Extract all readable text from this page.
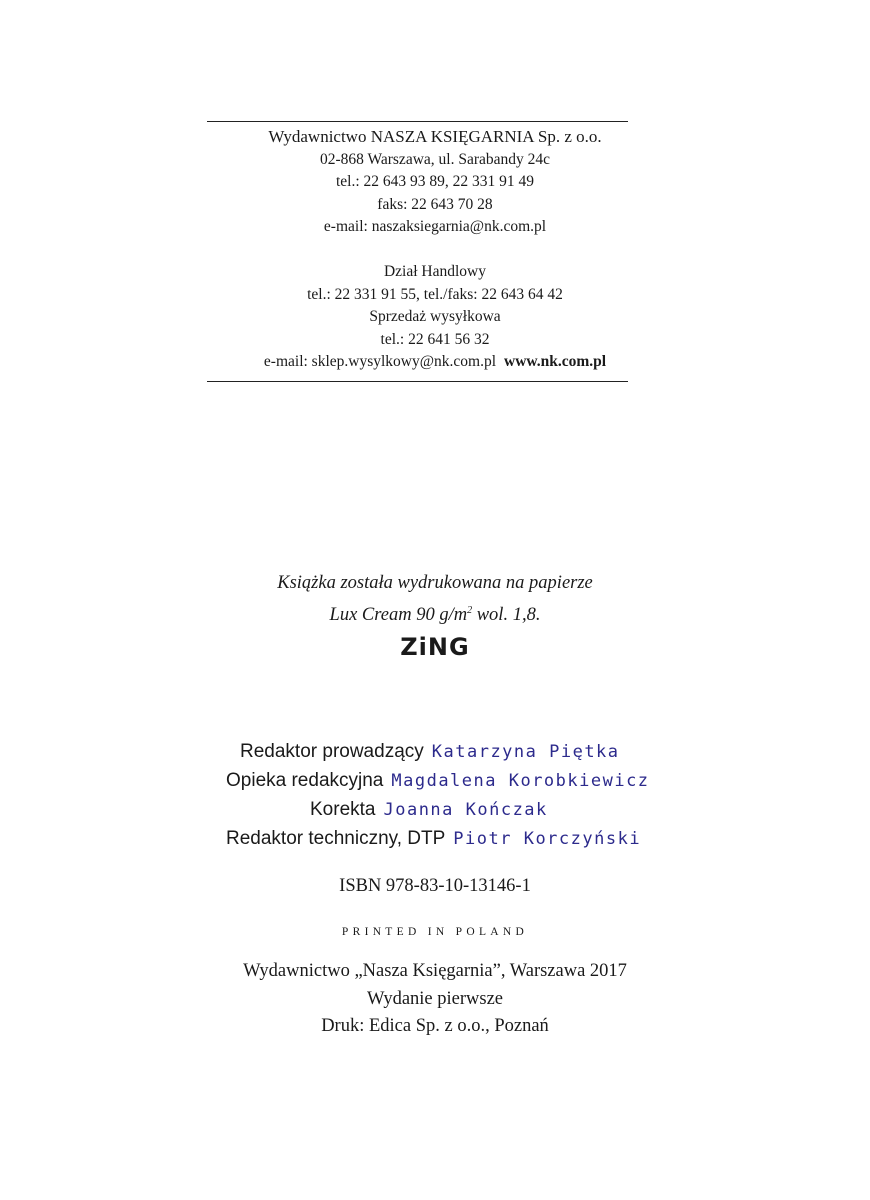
Wydawnictwo NASZA KSIĘGARNIA Sp. z o.o.

02-868 Warszawa, ul. Sarabandy 24c

tel.: 22 643 93 89, 22 331 91 49

faks: 22 643 70 28

e-mail: naszaksiegarnia@nk.com.pl

Dział Handlowy

tel.: 22 331 91 55, tel./faks: 22 643 64 42

Sprzedaż wysyłkowa

tel.: 22 641 56 32

e-mail: sklep.wysylkowy@nk.com.pl www.nk.com.pl

Książka została wydrukowana na papierze

Lux Cream 90 $g/m^2$ wol. 1,8.

ZiNG
Redaktor prowadzący Katarzyna Piętka
Opieka redakcyjna Magdalena Korobkiewicz
Korekta Joanna Kończak
Redaktor techniczny, DTP Piotr Korczyński
ISBN 978-83-10-13146-1
PRINTED IN POLAND

Wydawnictwo „Nasza Księgarnia”, Warszawa 2017

Wydanie pierwsze

Druk: Edica Sp. z o.o., Poznań
